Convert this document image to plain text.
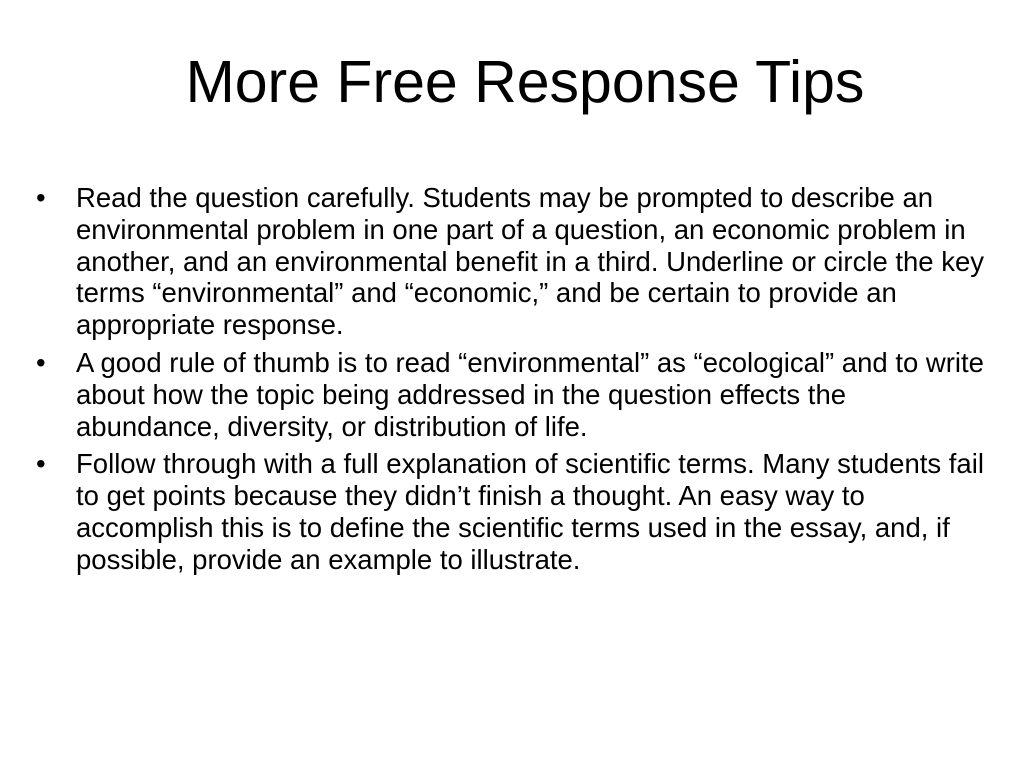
More Free Response Tips
•	Read the question carefully. Students may be prompted to describe an environmental problem in one part of a question, an economic problem in another, and an environmental benefit in a third. Underline or circle the key terms “environmental” and “economic,” and be certain to provide an appropriate response.
•	A good rule of thumb is to read “environmental” as “ecological” and to write about how the topic being addressed in the question effects the abundance, diversity, or distribution of life.
•	Follow through with a full explanation of scientific terms. Many students fail to get points because they didn’t finish a thought. An easy way to accomplish this is to define the scientific terms used in the essay, and, if possible, provide an example to illustrate.
